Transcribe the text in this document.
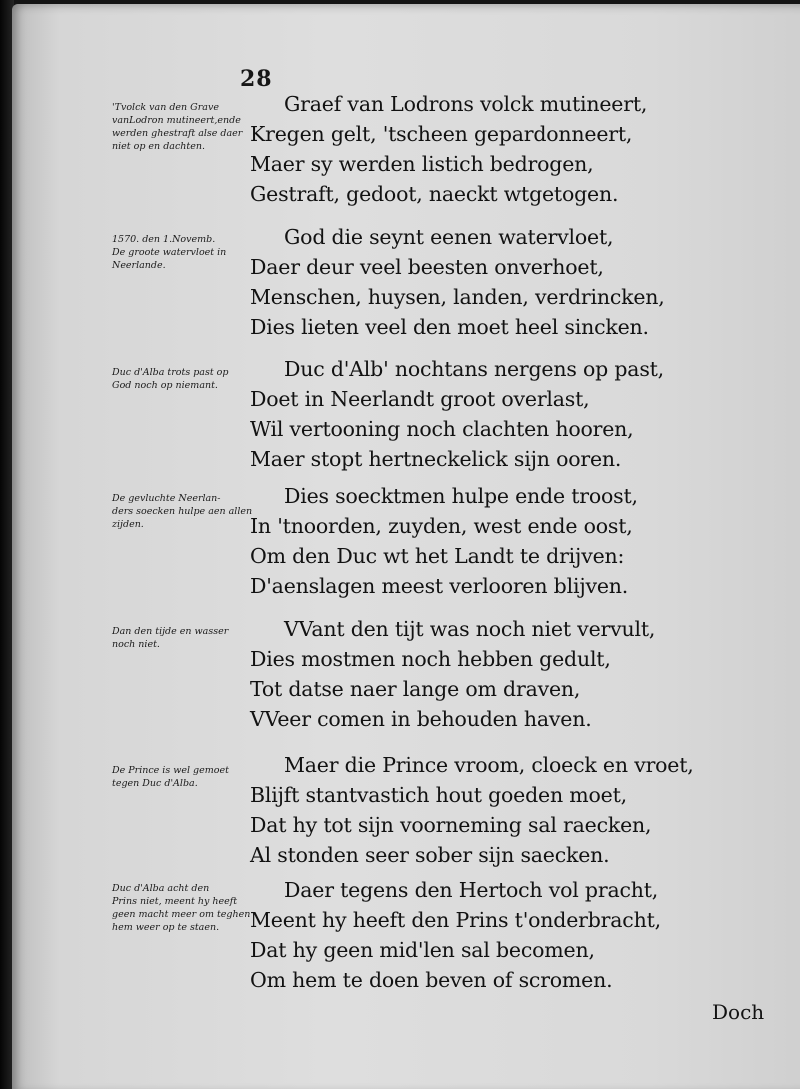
28
'Tvolck van den Grave
vanLodron mutineert,ende
werden ghestraft alse daer
niet op en dachten.
Graef van Lodrons volck mutineert,
Kregen gelt, 'tscheen gepardonneert,
Maer sy werden listich bedrogen,
Gestraft, gedoot, naeckt wtgetogen.
1570. den 1.Novemb.
De groote watervloet in
Neerlande.
God die seynt eenen watervloet,
Daer deur veel beesten onverhoet,
Menschen, huysen, landen, verdrincken,
Dies lieten veel den moet heel sincken.
Duc d'Alba trots past op
God noch op niemant.
Duc d'Alb' nochtans nergens op past,
Doet in Neerlandt groot overlast,
Wil vertooning noch clachten hooren,
Maer stopt hertneckelick sijn ooren.
De gevluchte Neerlan-
ders soecken hulpe aen allen
zijden.
Dies soecktmen hulpe ende troost,
In 'tnoorden, zuyden, west ende oost,
Om den Duc wt het Landt te drijven:
D'aenslagen meest verlooren blijven.
Dan den tijde en wasser
noch niet.
VVant den tijt was noch niet vervult,
Dies mostmen noch hebben gedult,
Tot datse naer lange om draven,
VVeer comen in behouden haven.
De Prince is wel gemoet
tegen Duc d'Alba.
Maer die Prince vroom, cloeck en vroet,
Blijft stantvastich hout goeden moet,
Dat hy tot sijn voorneming sal raecken,
Al stonden seer sober sijn saecken.
Duc d'Alba acht den
Prins niet, meent hy heeft
geen macht meer om teghen
hem weer op te staen.
Daer tegens den Hertoch vol pracht,
Meent hy heeft den Prins t'onderbracht,
Dat hy geen mid'len sal becomen,
Om hem te doen beven of scromen.
Doch
